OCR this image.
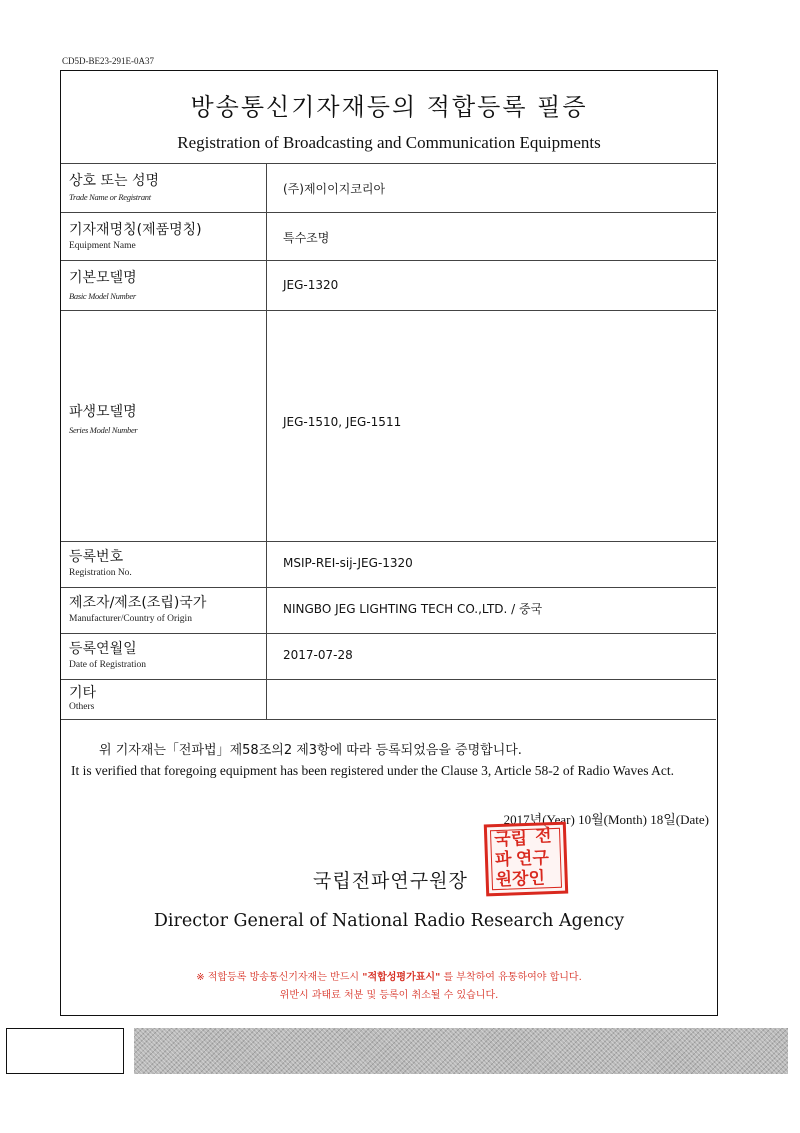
CD5D-BE23-291E-0A37
방송통신기자재등의 적합등록 필증
Registration of Broadcasting and Communication Equipments
상호 또는 성명
Trade Name or Registrant
(주)제이이지코리아
기자재명칭(제품명칭)
Equipment Name
특수조명
기본모델명
Basic Model Number
JEG-1320
파생모델명
Series Model Number
JEG-1510, JEG-1511
등록번호
Registration No.
MSIP-REI-sij-JEG-1320
제조자/제조(조립)국가
Manufacturer/Country of Origin
NINGBO JEG LIGHTING TECH CO.,LTD. / 중국
등록연월일
Date of Registration
2017-07-28
기타
Others
위 기자재는「전파법」제58조의2 제3항에 따라 등록되었음을 증명합니다.
It is verified that foregoing equipment has been registered under the Clause 3, Article 58-2 of Radio Waves Act.
2017년(Year) 10월(Month) 18일(Date)
국립전파연구원장
국립 전
파 연구
원장인
Director General of National Radio Research Agency
※ 적합등록 방송통신기자재는 반드시 "적합성평가표시" 를 부착하여 유통하여야 합니다.
위반시 과태료 처분 및 등록이 취소될 수 있습니다.
